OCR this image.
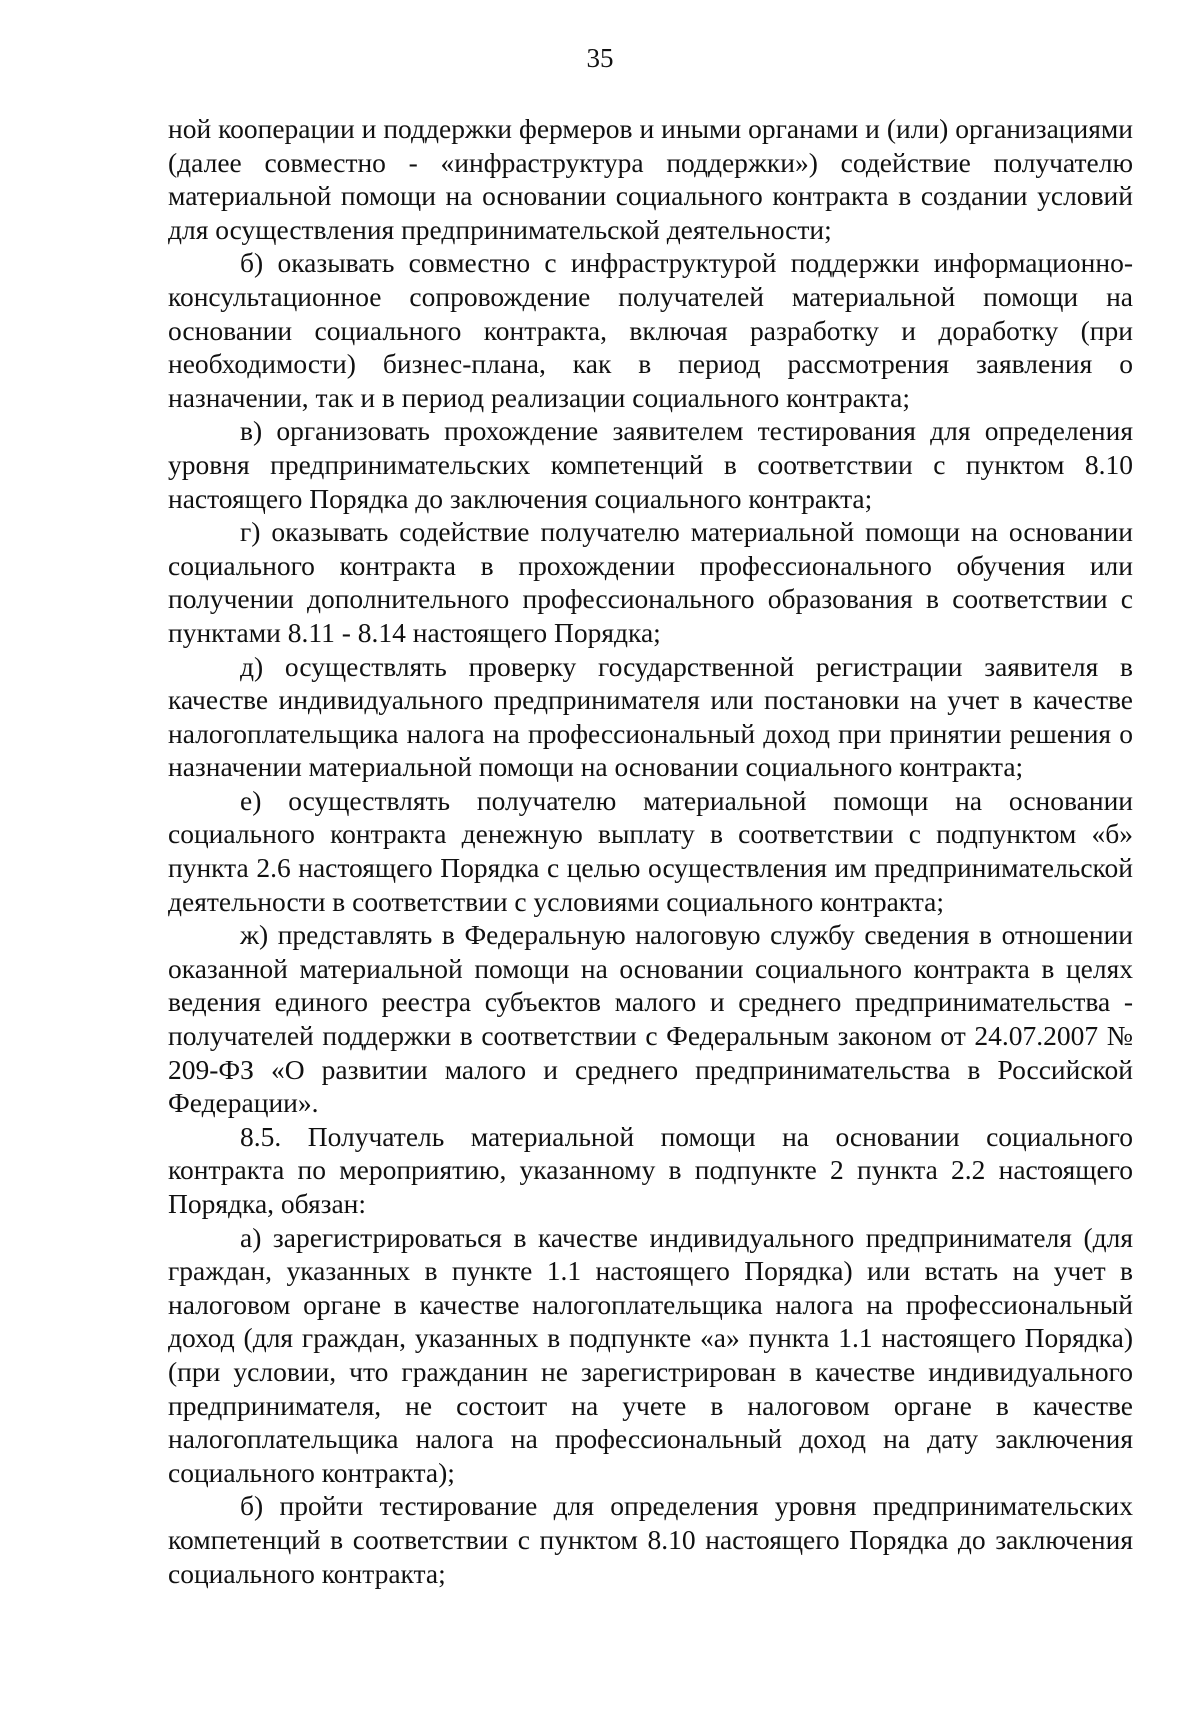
35

ной кооперации и поддержки фермеров и иными органами и (или) организациями (далее совместно - «инфраструктура поддержки») содействие получателю материальной помощи на основании социального контракта в создании условий для осуществления предпринимательской деятельности;

б) оказывать совместно с инфраструктурой поддержки информационно-консультационное сопровождение получателей материальной помощи на основании социального контракта, включая разработку и доработку (при необходимости) бизнес-плана, как в период рассмотрения заявления о назначении, так и в период реализации социального контракта;

в) организовать прохождение заявителем тестирования для определения уровня предпринимательских компетенций в соответствии с пунктом 8.10 настоящего Порядка до заключения социального контракта;

г) оказывать содействие получателю материальной помощи на основании социального контракта в прохождении профессионального обучения или получении дополнительного профессионального образования в соответствии с пунктами 8.11 - 8.14 настоящего Порядка;

д) осуществлять проверку государственной регистрации заявителя в качестве индивидуального предпринимателя или постановки на учет в качестве налогоплательщика налога на профессиональный доход при принятии решения о назначении материальной помощи на основании социального контракта;

е) осуществлять получателю материальной помощи на основании социального контракта денежную выплату в соответствии с подпунктом «б» пункта 2.6 настоящего Порядка с целью осуществления им предпринимательской деятельности в соответствии с условиями социального контракта;

ж) представлять в Федеральную налоговую службу сведения в отношении оказанной материальной помощи на основании социального контракта в целях ведения единого реестра субъектов малого и среднего предпринимательства - получателей поддержки в соответствии с Федеральным законом от 24.07.2007 № 209-ФЗ «О развитии малого и среднего предпринимательства в Российской Федерации».

8.5. Получатель материальной помощи на основании социального контракта по мероприятию, указанному в подпункте 2 пункта 2.2 настоящего Порядка, обязан:

а) зарегистрироваться в качестве индивидуального предпринимателя (для граждан, указанных в пункте 1.1 настоящего Порядка) или встать на учет в налоговом органе в качестве налогоплательщика налога на профессиональный доход (для граждан, указанных в подпункте «а» пункта 1.1 настоящего Порядка) (при условии, что гражданин не зарегистрирован в качестве индивидуального предпринимателя, не состоит на учете в налоговом органе в качестве налогоплательщика налога на профессиональный доход на дату заключения социального контракта);

б) пройти тестирование для определения уровня предпринимательских компетенций в соответствии с пунктом 8.10 настоящего Порядка до заключения социального контракта;
